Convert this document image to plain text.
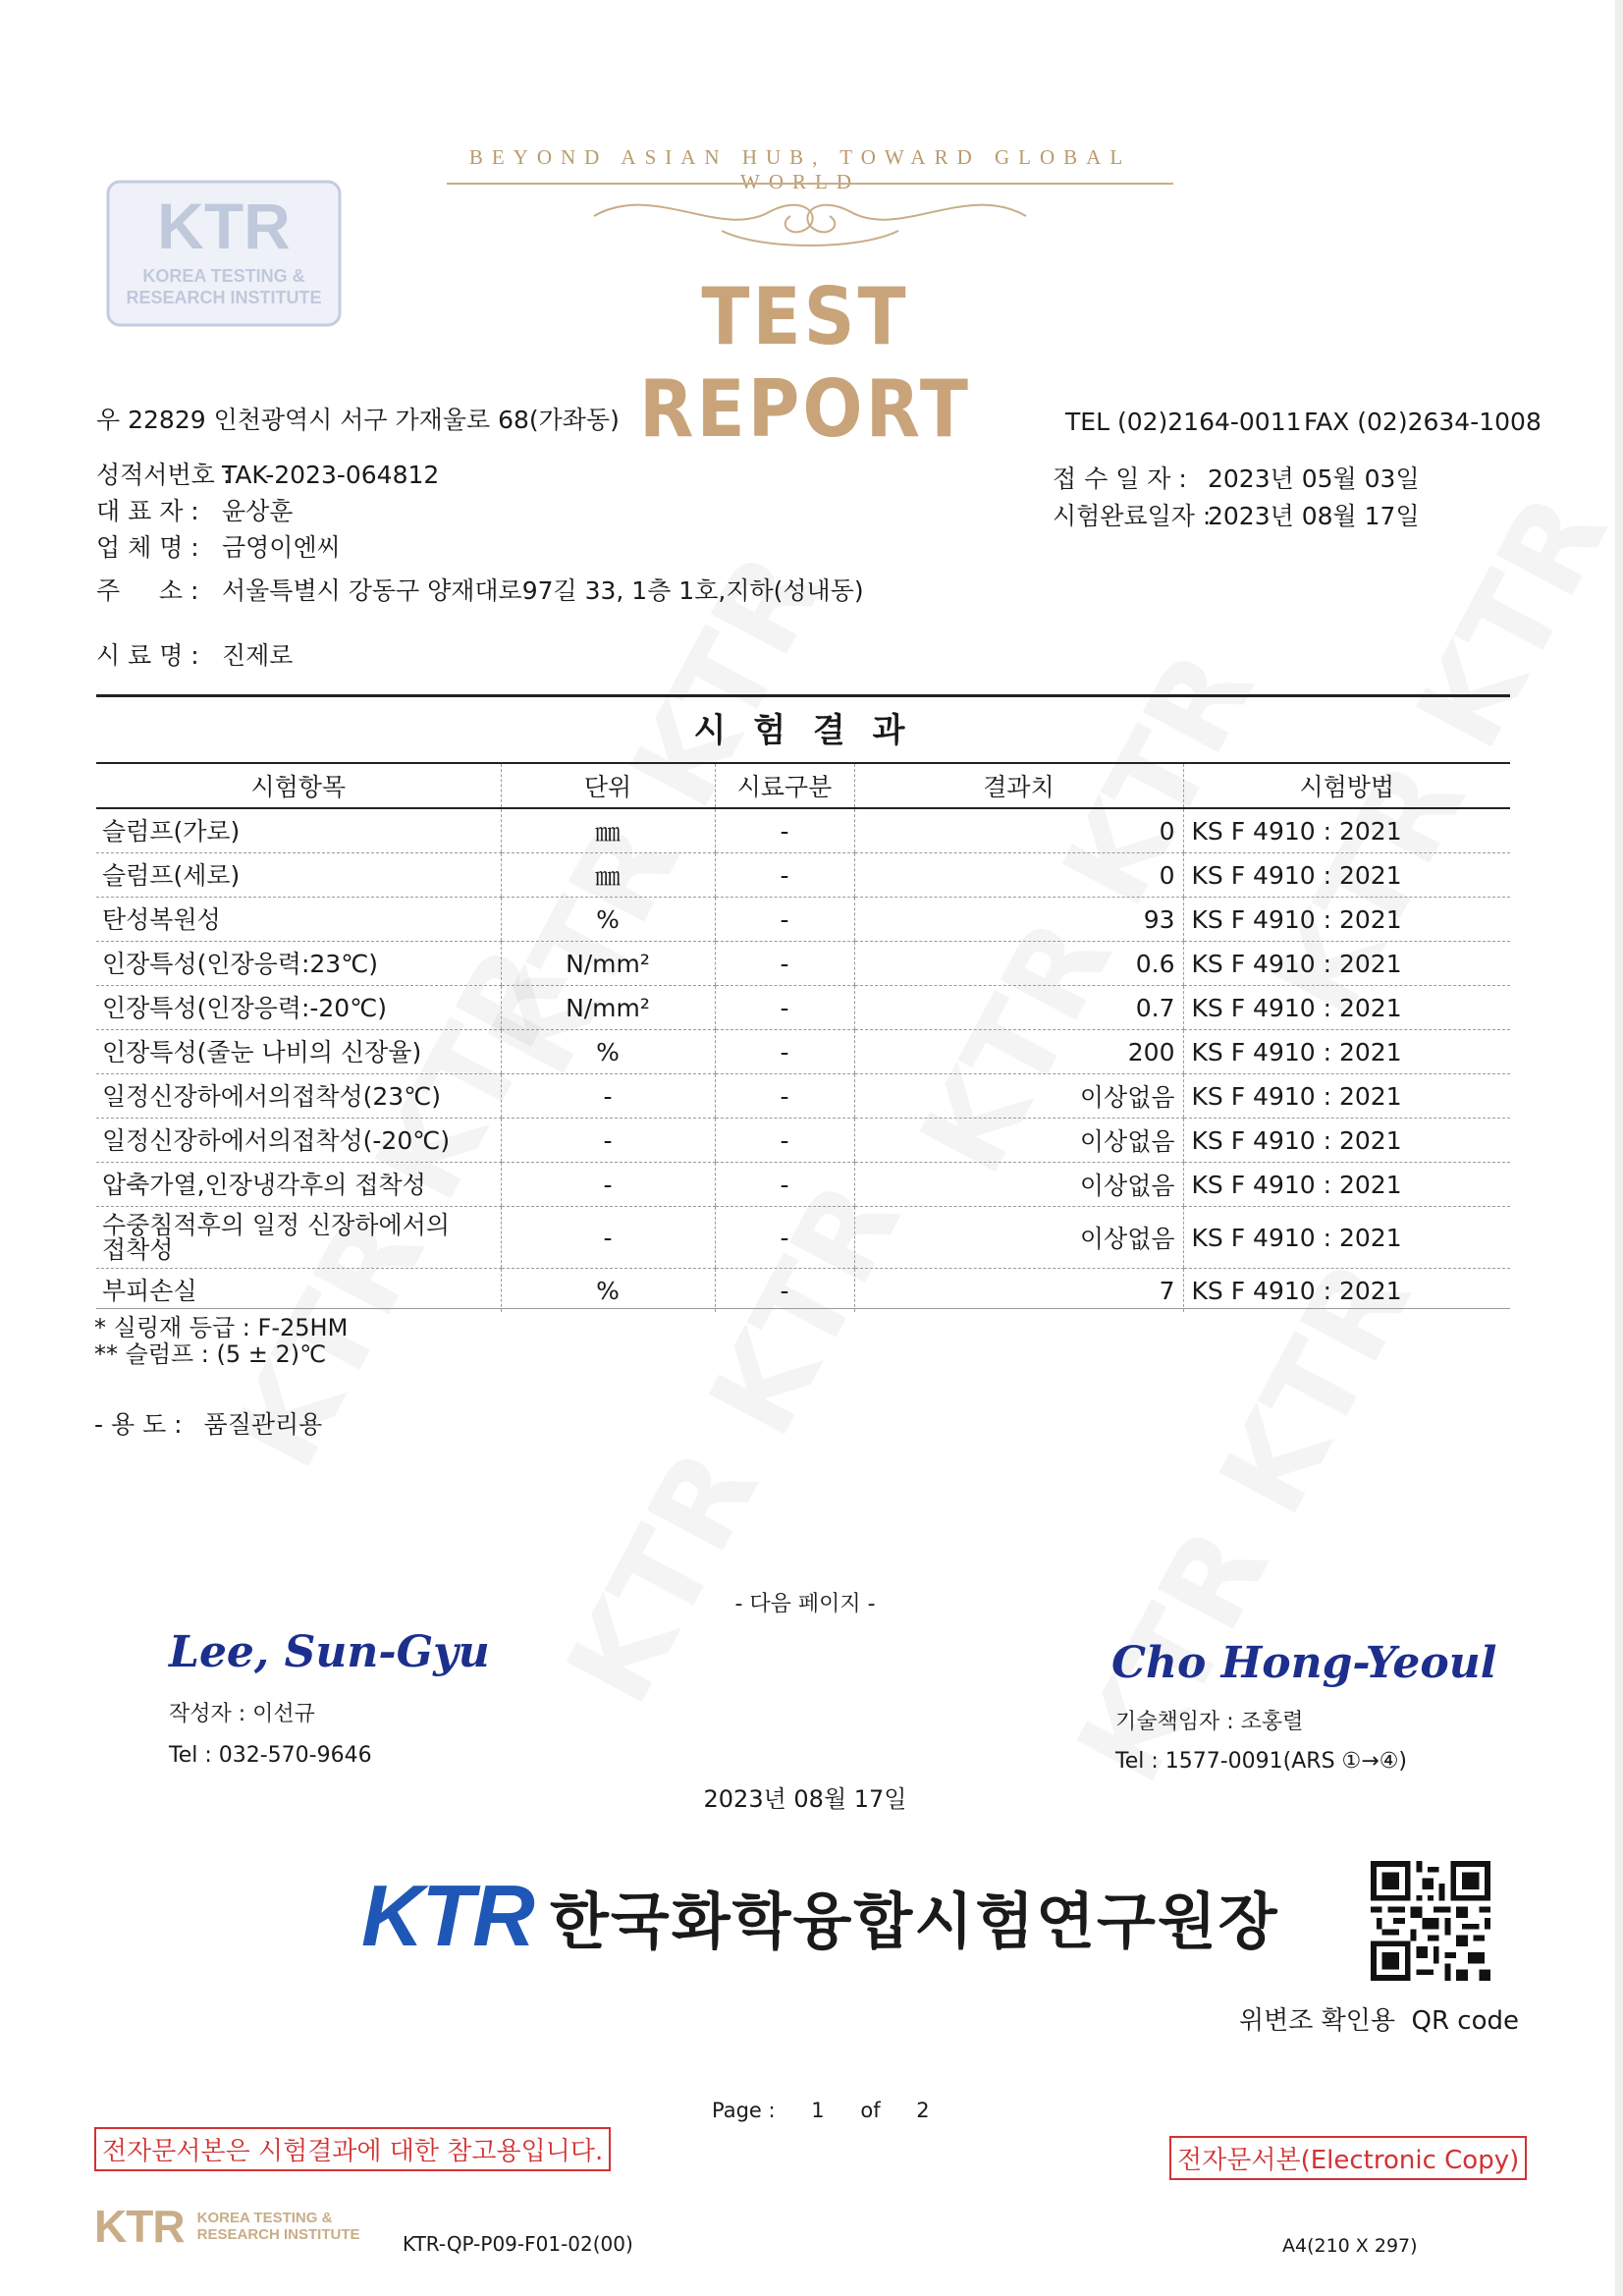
BEYOND ASIAN HUB, TOWARD GLOBAL WORLD
KTR
KOREA TESTING &
RESEARCH INSTITUTE	TEST REPORT
우 22829 인천광역시 서구 가재울로 68(가좌동)	TEL (02)2164-0011 FAX (02)2634-1008
성적서번호 :TAK-2023-064812
대 표 자 : 윤상훈
업 체 명 : 금영이엔씨
주     소 : 서울특별시 강동구 양재대로97길 33, 1층 1호,지하(성내동)
시 료 명 : 진제로
접 수 일 자 : 2023년 05월 03일
시험완료일자 :2023년 08월 17일
시 험 결 과
시험항목	단위	시료구분	결과치	시험방법
슬럼프(가로)	㎜	-	0	KS F 4910 : 2021
슬럼프(세로)	㎜	-	0	KS F 4910 : 2021
탄성복원성	%	-	93	KS F 4910 : 2021
인장특성(인장응력:23℃)	N/mm²	-	0.6	KS F 4910 : 2021
인장특성(인장응력:-20℃)	N/mm²	-	0.7	KS F 4910 : 2021
인장특성(줄눈 나비의 신장율)	%	-	200	KS F 4910 : 2021
일정신장하에서의접착성(23℃)	-	-	이상없음	KS F 4910 : 2021
일정신장하에서의접착성(-20℃)	-	-	이상없음	KS F 4910 : 2021
압축가열,인장냉각후의 접착성	-	-	이상없음	KS F 4910 : 2021
수중침적후의 일정 신장하에서의 접착성	-	-	이상없음	KS F 4910 : 2021
부피손실	%	-	7	KS F 4910 : 2021
* 실링재 등급 : F-25HM
** 슬럼프 : (5 ± 2)℃
- 용 도 : 품질관리용
- 다음 페이지 -
Lee, Sun-Gyu
작성자 : 이선규
Tel : 032-570-9646
Cho Hong-Yeoul
기술책임자 : 조홍렬
Tel : 1577-0091(ARS ①→④)
2023년 08월 17일
KTR 한국화학융합시험연구원장
위변조 확인용  QR code
Page : 1 of 2
전자문서본은 시험결과에 대한 참고용입니다.	전자문서본(Electronic Copy)
KTR KOREA TESTING &
RESEARCH INSTITUTE KTR-QP-P09-F01-02(00)	A4(210 X 297)
